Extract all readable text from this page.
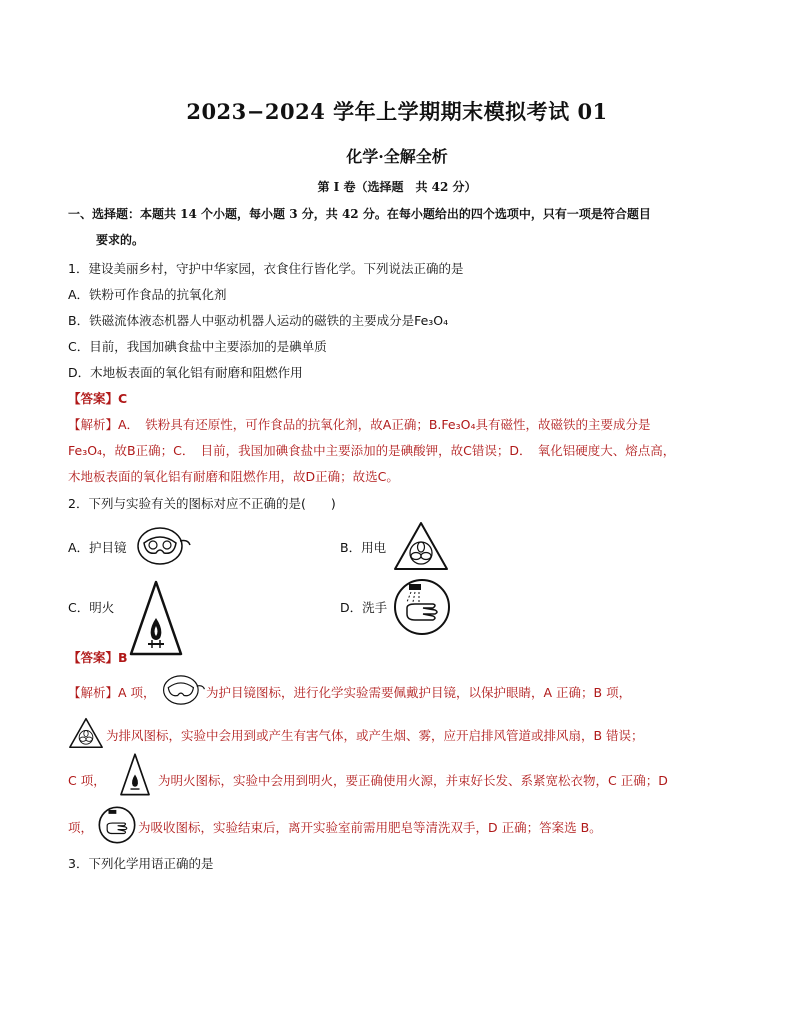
2023−2024 学年上学期期末模拟考试 01
化学·全解全析
第 I 卷（选择题　共 42 分）
一、选择题：本题共 14 个小题，每小题 3 分，共 42 分。在每小题给出的四个选项中，只有一项是符合题目
要求的。
1．建设美丽乡村，守护中华家园，衣食住行皆化学。下列说法正确的是
A．铁粉可作食品的抗氧化剂
B．铁磁流体液态机器人中驱动机器人运动的磁铁的主要成分是Fe₃O₄
C．目前，我国加碘食盐中主要添加的是碘单质
D．木地板表面的氧化铝有耐磨和阻燃作用
【答案】C
【解析】A．　铁粉具有还原性，可作食品的抗氧化剂，故A正确；B.Fe₃O₄具有磁性，故磁铁的主要成分是
Fe₃O₄，故B正确；C．　目前，我国加碘食盐中主要添加的是碘酸钾，故C错误；D．　氧化铝硬度大、熔点高，
木地板表面的氧化铝有耐磨和阻燃作用，故D正确；故选C。
2．下列与实验有关的图标对应不正确的是(　　)
A．护目镜	B．用电
C．明火	D．洗手
【答案】B
【解析】A 项，	为护目镜图标，进行化学实验需要佩戴护目镜，以保护眼睛，A 正确；B 项，
为排风图标，实验中会用到或产生有害气体，或产生烟、雾，应开启排风管道或排风扇，B 错误；
C 项，	为明火图标，实验中会用到明火，要正确使用火源，并束好长发、系紧宽松衣物，C 正确；D
项，	为吸收图标，实验结束后，离开实验室前需用肥皂等清洗双手，D 正确；答案选 B。
3．下列化学用语正确的是
